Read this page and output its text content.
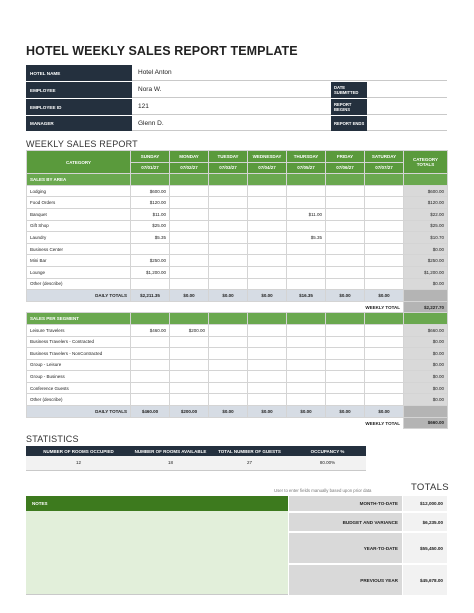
HOTEL WEEKLY SALES REPORT TEMPLATE
HOTEL NAME	Hotel Anton
EMPLOYEE	Nora W.	DATE SUBMITTED
EMPLOYEE ID	121	REPORT BEGINS
MANAGER	Glenn D.	REPORT ENDS
WEEKLY SALES REPORT
CATEGORY	SUNDAY	MONDAY	TUESDAY	WEDNESDAY	THURSDAY	FRIDAY	SATURDAY	CATEGORY TOTALS
	07/01/27	07/02/27	07/03/27	07/04/27	07/05/27	07/06/27	07/07/27	
SALES BY AREA								
Lodging	$600.00							$600.00
Food Orders	$120.00							$120.00
Banquet	$11.00				$11.00			$22.00
Gift Shop	$25.00							$25.00
Laundry	$5.35				$5.35			$10.70
Business Center								$0.00
Mini Bar	$250.00							$250.00
Lounge	$1,200.00							$1,200.00
Other (describe)								$0.00
DAILY TOTALS	$2,211.35	$0.00	$0.00	$0.00	$16.35	$0.00	$0.00	
						WEEKLY TOTAL		$2,227.70
SALES PER SEGMENT								
Leisure Travelers	$460.00	$200.00						$660.00
Business Travelers - Contracted								$0.00
Business Travelers - NonContracted								$0.00
Group - Leisure								$0.00
Group - Business								$0.00
Conference Guests								$0.00
Other (describe)								$0.00
DAILY TOTALS	$460.00	$200.00	$0.00	$0.00	$0.00	$0.00	$0.00	
						WEEKLY TOTAL		$660.00
STATISTICS
NUMBER OF ROOMS OCCUPIED	NUMBER OF ROOMS AVAILABLE	TOTAL NUMBER OF GUESTS	OCCUPANCY %
12	18	27	80.00%
User to enter fields manually based upon prior data	TOTALS
NOTES	MONTH-TO-DATE	$12,000.00
BUDGET AND VARIANCE	$6,235.00
YEAR-TO-DATE	$55,450.00
PREVIOUS YEAR	$45,678.00
